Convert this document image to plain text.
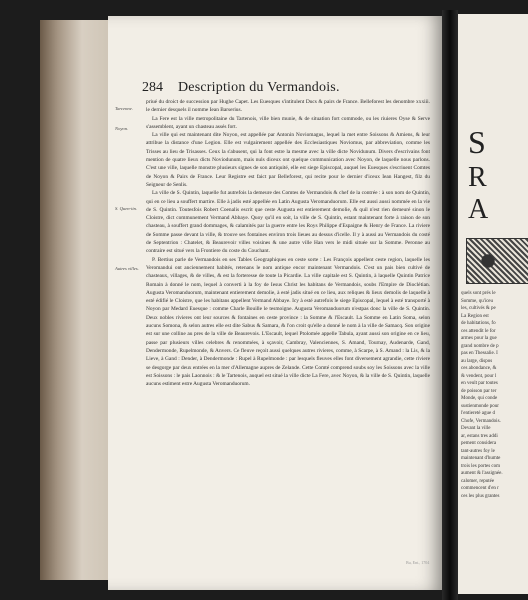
284 Description du Vermandois.
Tarcenne.
Noyon.
S. Quen-tin.
Autres villes.

priué du droict de succession par Hughe Capet. Les Euesques s'intitulent Ducs & pairs de France. Belleforest les denombre xxxiii. le dernier desquels il nomme Iean Barserius.

La Fere est la ville metropolitaine du Tartenois, ville bien munie, & de situation fort commode, ou les riuieres Oyse & Serve s'assemblent, ayant un chasteau assés fort.

La ville qui est maintenant dite Noyon, est appellée par Antonin Noviomagus, lequel la met entre Soissons & Amiens, & leur attribue la distance d'une Legion. Elle est vulgairement appellée des Ecclesiastiques Noviomus, par abbreviation, comme les Trisses au lieu de Trisasses. Ceux la s'abusent, qui la font estre la mesme avec la ville dicte Novidunum. Divers d'escrivains font mention de quatre lieux dicts Noviodunum, mais nuls diceux ont quelque communication avec Noyon, de laquelle nous parlons. C'est une ville, laquelle monstre plusieurs signes de son antiquité, elle est siege Episcopal, auquel les Euesques s'escriuent Comtes de Noyon & Pairs de France. Leur Registre est faict par Belleforest, qui recite pour le dernier d'iceux Iean Hangest, filz du Seigneur de Senlis.

La ville de S. Quintin, laquelle fut autrefois la demeure des Comtes de Vermandois & chef de la contrée : à son nom de Quintin, qui en ce lieu a souffert martire. Elle à jadis esté appellée en Latin Augusta Veromanduorum. Elle est aussi aussi nommée en la vie de S. Quintin. Toutesfois Robert Coenalis escrit que ceste Augusta est entierement demolie, & quil n'est rien demeuré sinon le Cloistre, dict communement Vermand Abbaye. Quoy qu'il en soit, la ville de S. Quintin, estant maintenant forte à raison de son chasteau, à souffert grand dommages, & calamités par la guerre entre les Roys Philippe d'Espaigne & Henry de France. La riviere de Somme passe devant la ville, & trouve ses fontaines environ trois lieues au dessus d'icelle. Il y à aussi au Vermandois du costé de Septentrion : Chatelet, & Beaurevoir villes voisines & une autre ville Han vers le midi située sur la Somme. Peronne au contraire est situé vers la Frontiere du coste du Couchant.

P. Bertius parle de Vermandois en ses Tables Geographiques en ceste sorte : Les François appellent ceste region, laquelle les Veromandui ont anciennement habités, retenans le nom antique encor maintenant Vermandois. C'est un pais bien cultivé de chasteaux, villages, & de villes, & est la forteresse de toute la Picardie. La ville capitale est S. Quintin, à laquelle Quintin Patrice Romain à donné le nom, lequel à converti à la foy de Iesus Christ les habitans de Vermandois, soubs l'Empire de Dioclétian. Augusta Veromanduorum, maintenant entierement demolie, à esté jadis situé en ce lieu, aux reliques & lieux demolis de laquelle à esté édifié le Cloistre, que les habitans appellent Vermand Abbaye. Icy à esté autrefois le siege Episcopal, lequel à esté transporté à Noyon par Medard Euesque : comme Charle Bouille le tesmoigne. Augusta Veromanduorum n'estpas donc la ville de S. Quintin. Deux nobles rivieres ont leur sources & fontaines en ceste province : la Somme & l'Escault. La Somme en Latin Soma, selon aucuns Somona, & selon autres elle est dite Sabus & Samara, & l'on croit qu'elle a donné le nom à la ville de Samacq. Son origine est sur une colline au pres de la ville de Beaurevois. L'Escault, lequel Ptolomée appelle Tabula, ayant aussi son origine en ce lieu, passe par plusieurs villes celebres & renommées, à sçavoir, Cambray, Valenciennes, S. Amand, Tournay, Audenarde, Gand, Dendermonde, Rupelmonde, & Anvers. Ce fleuve reçoit aussi quelques autres rivieres, comme, à Scarpe, à S. Amand : la Lis, & la Lieve, à Gand : Dender, à Dendermonde : Rupel à Rupelmonde : par lesquels fleuves elles font diversement agrandie, cette riviere se desgorge par deux entrées en la mer d'Allemagne aupres de Zelande. Cette Comté comprend soubs soy les Soissons avec la ville est Soissons : le pais Laonnois : & le Tartenois, auquel est situé la ville dicte La Fere, avec Noyon, & la ville de S. Quintin, laquelle aucuns estiment estre Augusta Veromanduorum.

Bu, Ent., 1704
S
R A
quels sont prés le
Somme, qu'iceu
les, cultivés & pe
La Region est
de habitations, fo
ces attendit le for
armes pour la gue
grand nombre de p
pas en Thessalie. I
au large, dispos
ces abondance, &
& vendent, pour l
en veult par toutes
de poisson par ter
Monde, qui conde
sustienmonde pour
l'entiereté ague d
Chofe, Vermandois.
Devant la ville
ar, estans tres addi
pement considera
tant-autres foy le
maintenant d'humte
trois les portes com
aument & l'assignée.
calomer, reputée
commencent d'en r
ces les plus grantes
